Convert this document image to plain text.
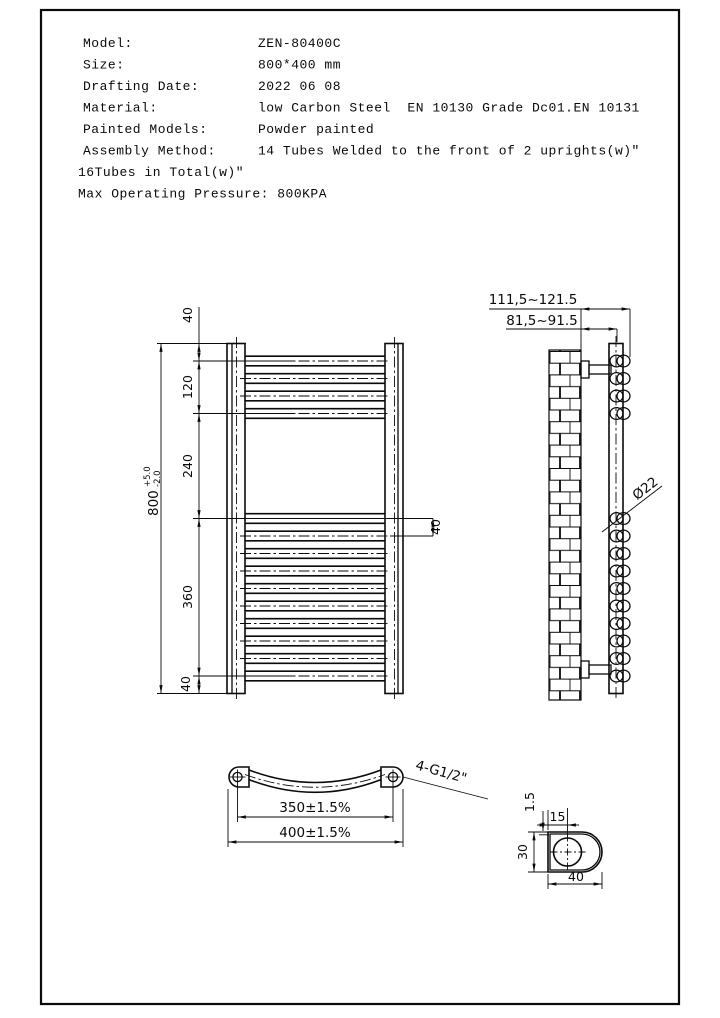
Model:	ZEN-80400C
Size:	800*400 mm
Drafting Date:	2022 06 08
Material:	low Carbon Steel  EN 10130 Grade Dc01.EN 10131
Painted Models:	Powder painted
Assembly Method:	14 Tubes Welded to the front of 2 uprights(w)″
16Tubes in Total(w)″
Max Operating Pressure: 800KPA
40
120
240
360
40
800
+5.0 -2.0
40
111,5~121.5
81,5~91.5
Ø22
4-G1/2"
350±1.5%
400±1.5%
15
1.5
30
40
